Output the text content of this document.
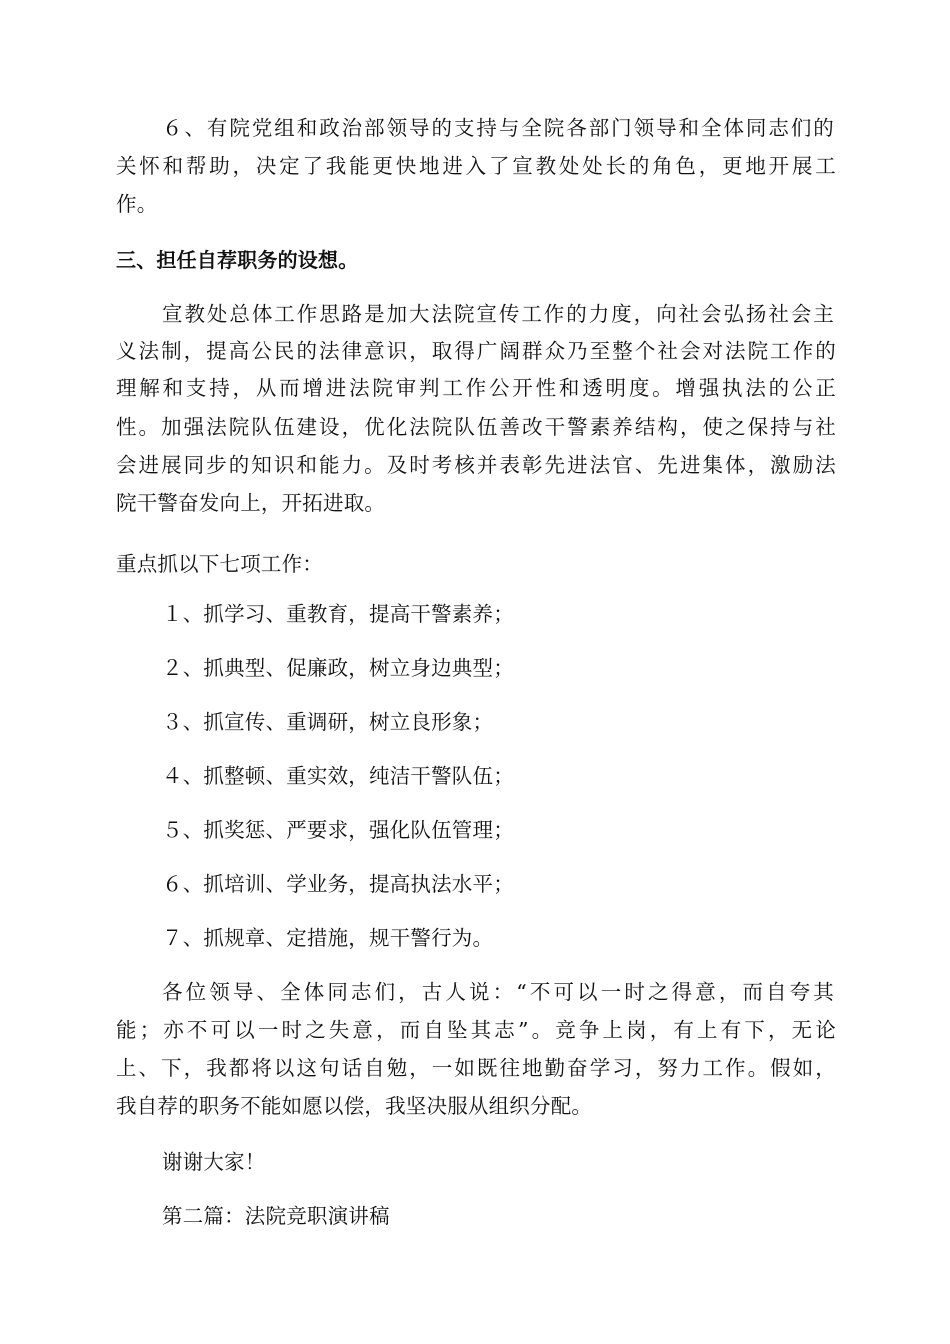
６、有院党组和政治部领导的支持与全院各部门领导和全体同志们的
关怀和帮助，决定了我能更快地进入了宣教处处长的角色，更地开展工
作。
三、担任自荐职务的设想。
宣教处总体工作思路是加大法院宣传工作的力度，向社会弘扬社会主
义法制，提高公民的法律意识，取得广阔群众乃至整个社会对法院工作的
理解和支持，从而增进法院审判工作公开性和透明度。增强执法的公正
性。加强法院队伍建设，优化法院队伍善改干警素养结构，使之保持与社
会进展同步的知识和能力。及时考核并表彰先进法官、先进集体，激励法
院干警奋发向上，开拓进取。
重点抓以下七项工作：
１、抓学习、重教育，提高干警素养；
２、抓典型、促廉政，树立身边典型；
３、抓宣传、重调研，树立良形象；
４、抓整顿、重实效，纯洁干警队伍；
５、抓奖惩、严要求，强化队伍管理；
６、抓培训、学业务，提高执法水平；
７、抓规章、定措施，规干警行为。
各位领导、全体同志们，古人说：“不可以一时之得意，而自夸其
能；亦不可以一时之失意，而自坠其志”。竞争上岗，有上有下，无论
上、下，我都将以这句话自勉，一如既往地勤奋学习，努力工作。假如，
我自荐的职务不能如愿以偿，我坚决服从组织分配。
谢谢大家！
第二篇：法院竞职演讲稿
